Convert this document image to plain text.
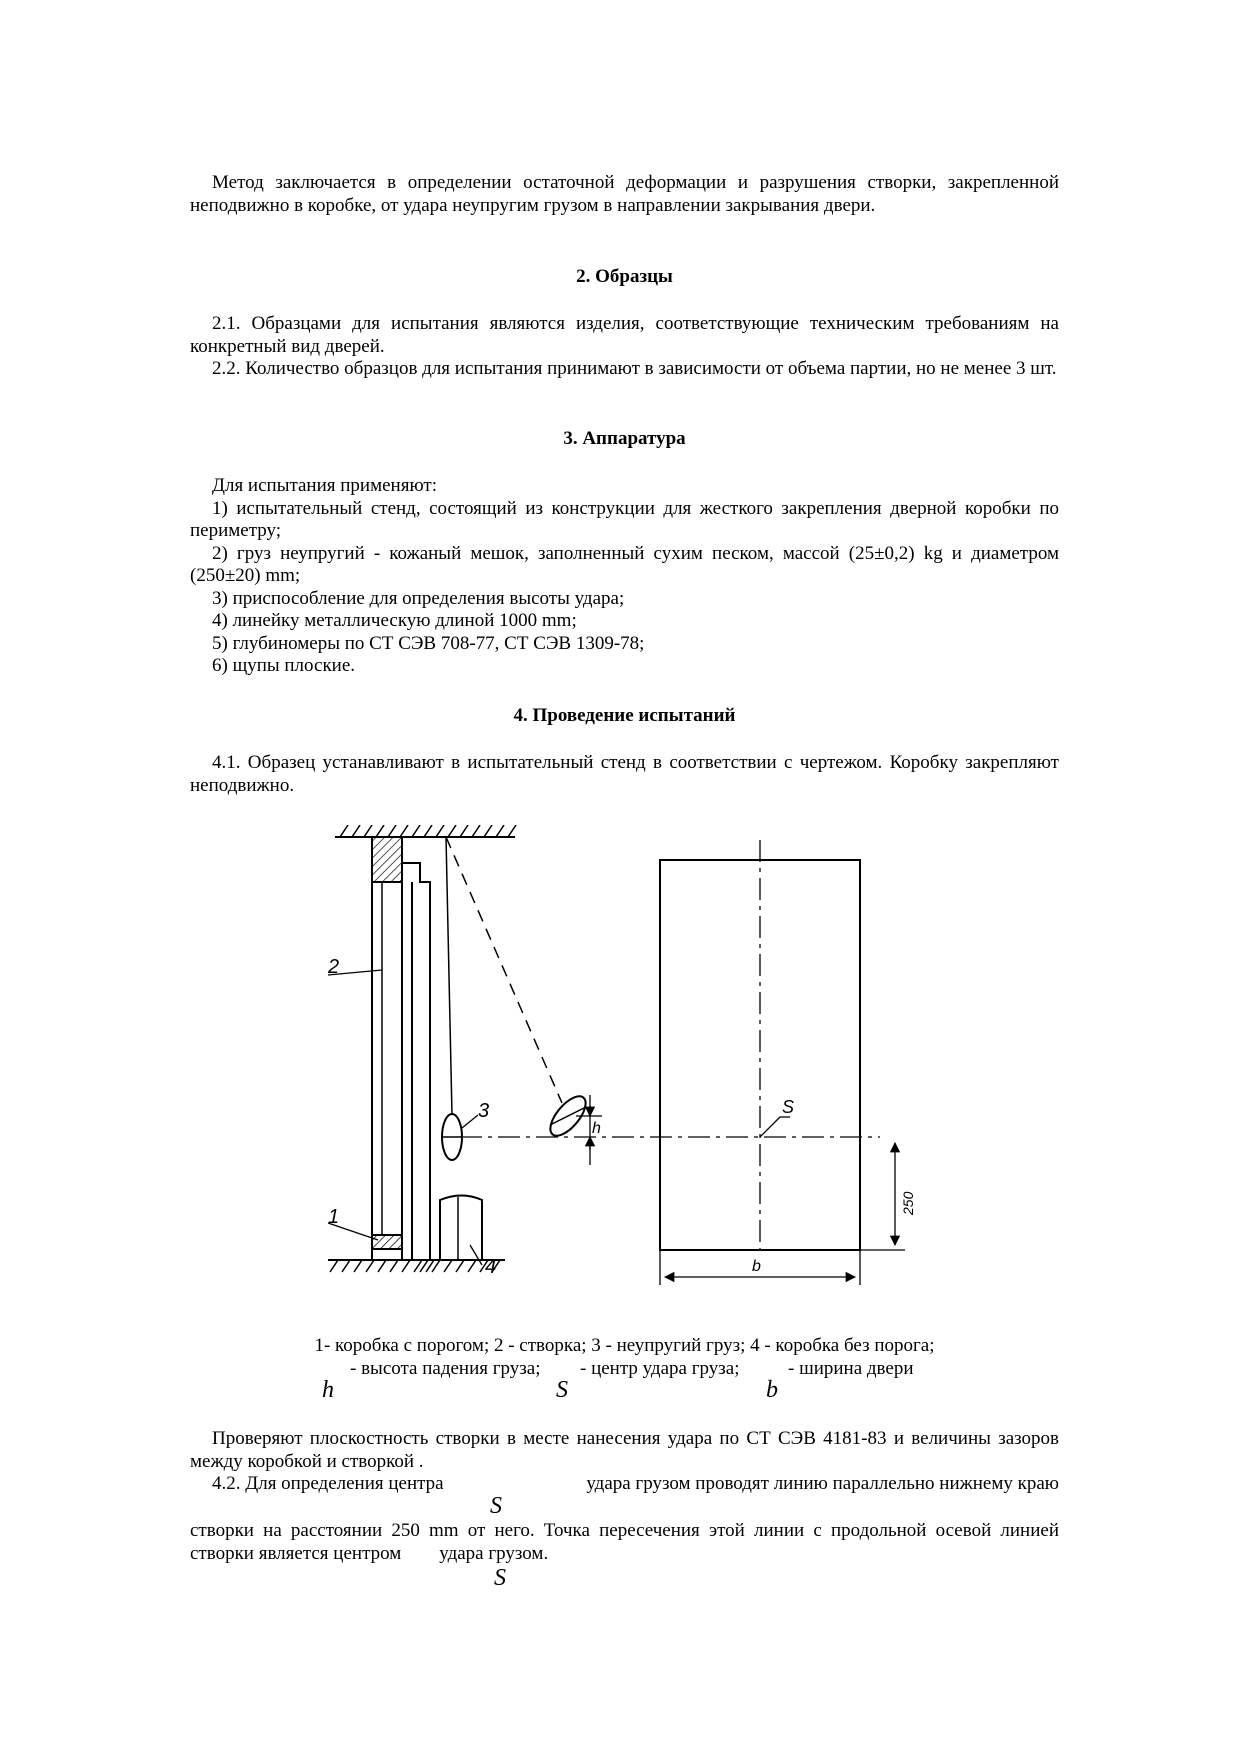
Метод заключается в определении остаточной деформации и разрушения створки, закрепленной неподвижно в коробке, от удара неупругим грузом в направлении закрывания двери.

2. Образцы

2.1. Образцами для испытания являются изделия, соответствующие техническим требованиям на конкретный вид дверей.

2.2. Количество образцов для испытания принимают в зависимости от объема партии, но не менее 3 шт.

3. Аппаратура

Для испытания применяют:

1) испытательный стенд, состоящий из конструкции для жесткого закрепления дверной коробки по периметру;

2) груз неупругий - кожаный мешок, заполненный сухим песком, массой (25±0,2) kg и диаметром (250±20) mm;

3) приспособление для определения высоты удара;

4) линейку металлическую длиной 1000 mm;

5) глубиномеры по СТ СЭВ 708-77, СТ СЭВ 1309-78;

6) щупы плоские.

4. Проведение испытаний

4.1. Образец устанавливают в испытательный стенд в соответствии с чертежом. Коробку закрепляют неподвижно.

2
1
3
4
h
S
b
250
1- коробка с порогом; 2 - створка; 3 - неупругий груз; 4 - коробка без порога;
- высота падения груза; - центр удара груза;	- ширина двери
h	S	b

Проверяют плоскостность створки в месте нанесения удара по СТ СЭВ 4181-83 и величины зазоров между коробкой и створкой .

4.2. Для определения центра	удара грузом проводят линию параллельно нижнему краю
S

створки на расстоянии 250 mm от него. Точка пересечения этой линии с продольной осевой линией створки является центром удара грузом.

S
